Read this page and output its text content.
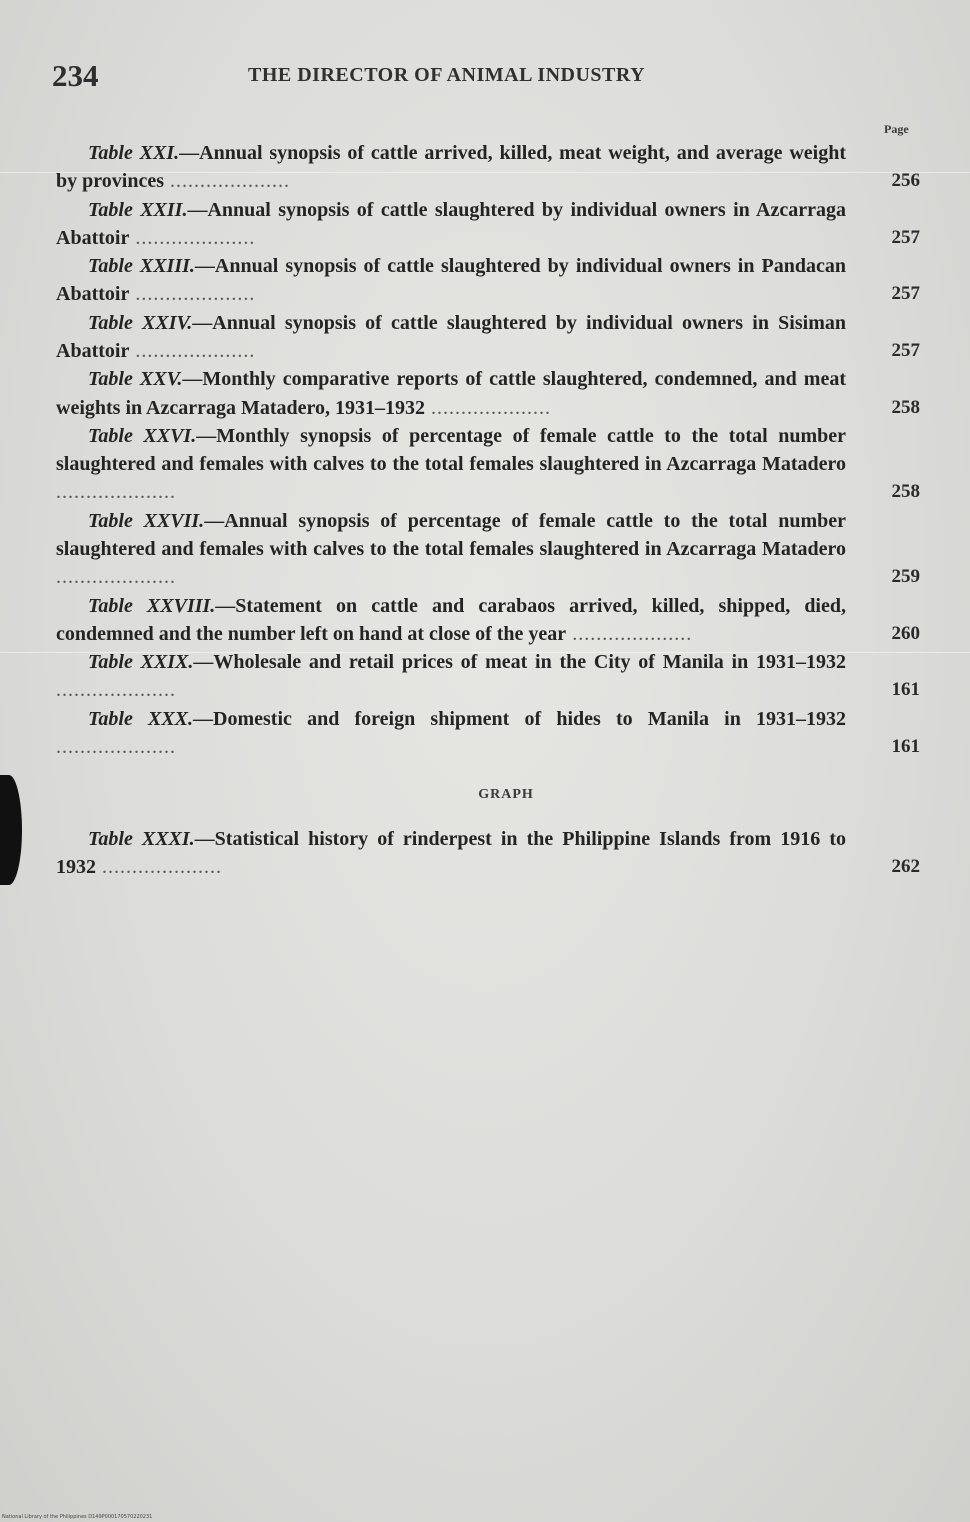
234	THE DIRECTOR OF ANIMAL INDUSTRY
Page
Table XXI.—Annual synopsis of cattle arrived, killed, meat weight, and average weight by provinces ....................	256
Table XXII.—Annual synopsis of cattle slaughtered by individual owners in Azcarraga Abattoir ....................	257
Table XXIII.—Annual synopsis of cattle slaughtered by individual owners in Pandacan Abattoir ....................	257
Table XXIV.—Annual synopsis of cattle slaughtered by individual owners in Sisiman Abattoir ....................	257
Table XXV.—Monthly comparative reports of cattle slaughtered, condemned, and meat weights in Azcarraga Matadero, 1931–1932 ....................	258
Table XXVI.—Monthly synopsis of percentage of female cattle to the total number slaughtered and females with calves to the total females slaughtered in Azcarraga Matadero ....................	258
Table XXVII.—Annual synopsis of percentage of female cattle to the total number slaughtered and females with calves to the total females slaughtered in Azcarraga Matadero ....................	259
Table XXVIII.—Statement on cattle and carabaos arrived, killed, shipped, died, condemned and the number left on hand at close of the year ....................	260
Table XXIX.—Wholesale and retail prices of meat in the City of Manila in 1931–1932 ....................	161
Table XXX.—Domestic and foreign shipment of hides to Manila in 1931–1932 ....................	161
GRAPH
Table XXXI.—Statistical history of rinderpest in the Philippine Islands from 1916 to 1932 ....................	262
National Library of the Philippines D149P000170570220231
